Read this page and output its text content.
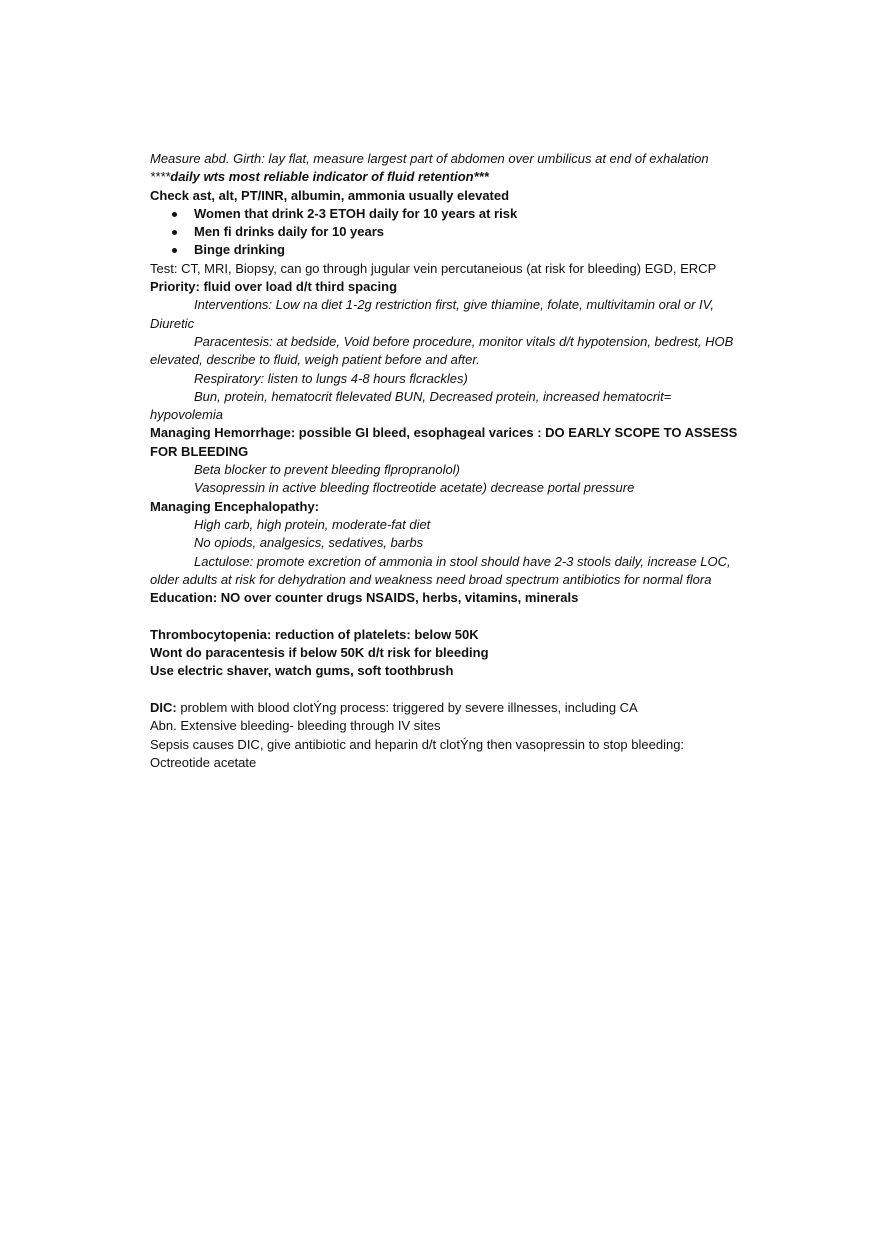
Measure abd. Girth: lay flat, measure largest part of abdomen over umbilicus at end of exhalation ****daily wts most reliable indicator of fluid retention***

Check ast, alt, PT/INR, albumin, ammonia usually elevated

Women that drink 2-3 ETOH daily for 10 years at risk
Men fi drinks daily for 10 years
Binge drinking

Test: CT, MRI, Biopsy, can go through jugular vein percutaneious (at risk for bleeding) EGD, ERCP

Priority: fluid over load d/t third spacing

Interventions: Low na diet 1-2g restriction first, give thiamine, folate, multivitamin oral or IV, Diuretic

Paracentesis: at bedside, Void before procedure, monitor vitals d/t hypotension, bedrest, HOB elevated, describe to fluid, weigh patient before and after.

Respiratory: listen to lungs 4-8 hours flcrackles)

Bun, protein, hematocrit flelevated BUN, Decreased protein, increased hematocrit= hypovolemia

Managing Hemorrhage: possible GI bleed, esophageal varices : DO EARLY SCOPE TO ASSESS FOR BLEEDING

Beta blocker to prevent bleeding flpropranolol)

Vasopressin in active bleeding floctreotide acetate) decrease portal pressure

Managing Encephalopathy:

High carb, high protein, moderate-fat diet

No opiods, analgesics, sedatives, barbs

Lactulose: promote excretion of ammonia in stool should have 2-3 stools daily, increase LOC, older adults at risk for dehydration and weakness need broad spectrum antibiotics for normal flora

Education: NO over counter drugs NSAIDS, herbs, vitamins, minerals

Thrombocytopenia: reduction of platelets: below 50K

Wont do paracentesis if below 50K d/t risk for bleeding

Use electric shaver, watch gums, soft toothbrush

DIC: problem with blood clotÝng process: triggered by severe illnesses, including CA

Abn. Extensive bleeding- bleeding through IV sites

Sepsis causes DIC, give antibiotic and heparin d/t clotÝng then vasopressin to stop bleeding: Octreotide acetate
